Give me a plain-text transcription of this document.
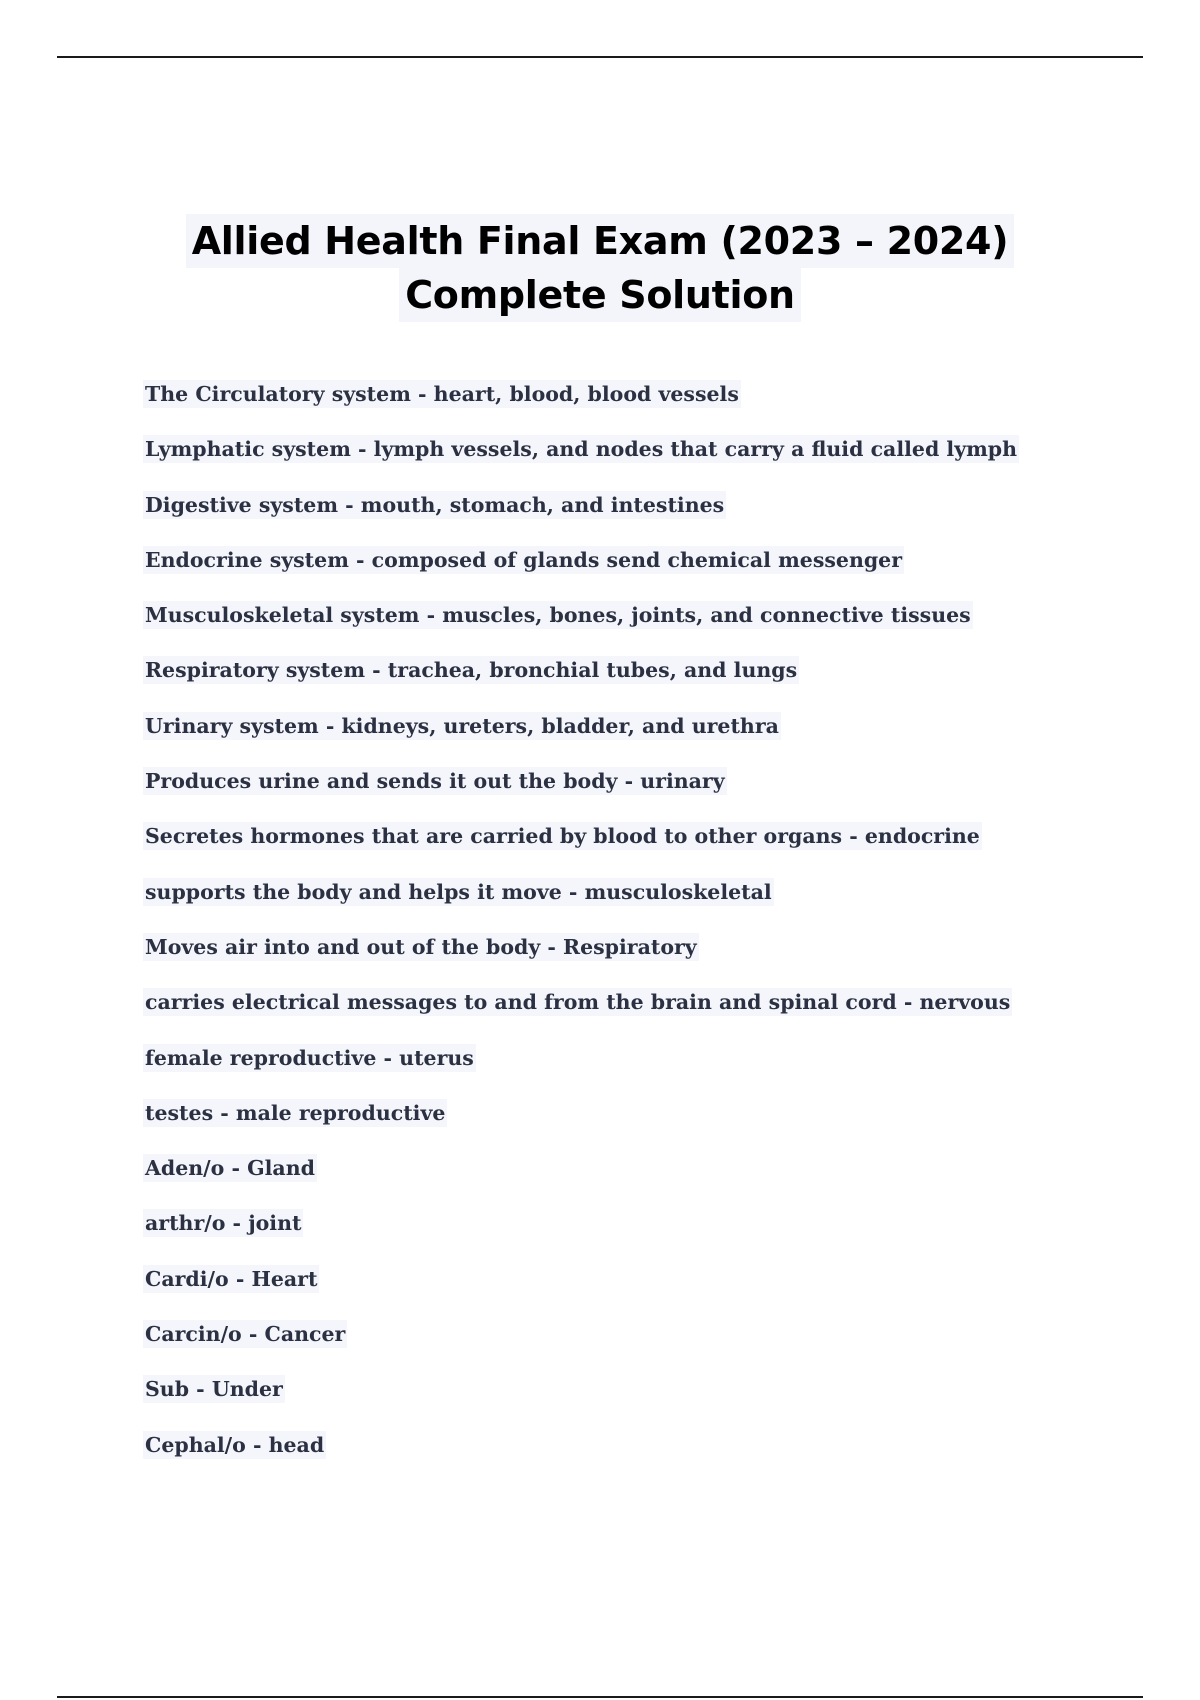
Allied Health Final Exam (2023 – 2024)
Complete Solution
The Circulatory system - heart, blood, blood vessels
Lymphatic system - lymph vessels, and nodes that carry a fluid called lymph
Digestive system - mouth, stomach, and intestines
Endocrine system - composed of glands send chemical messenger
Musculoskeletal system - muscles, bones, joints, and connective tissues
Respiratory system - trachea, bronchial tubes, and lungs
Urinary system - kidneys, ureters, bladder, and urethra
Produces urine and sends it out the body - urinary
Secretes hormones that are carried by blood to other organs - endocrine
supports the body and helps it move - musculoskeletal
Moves air into and out of the body - Respiratory
carries electrical messages to and from the brain and spinal cord - nervous
female reproductive - uterus
testes - male reproductive
Aden/o - Gland
arthr/o - joint
Cardi/o - Heart
Carcin/o - Cancer
Sub - Under
Cephal/o - head
